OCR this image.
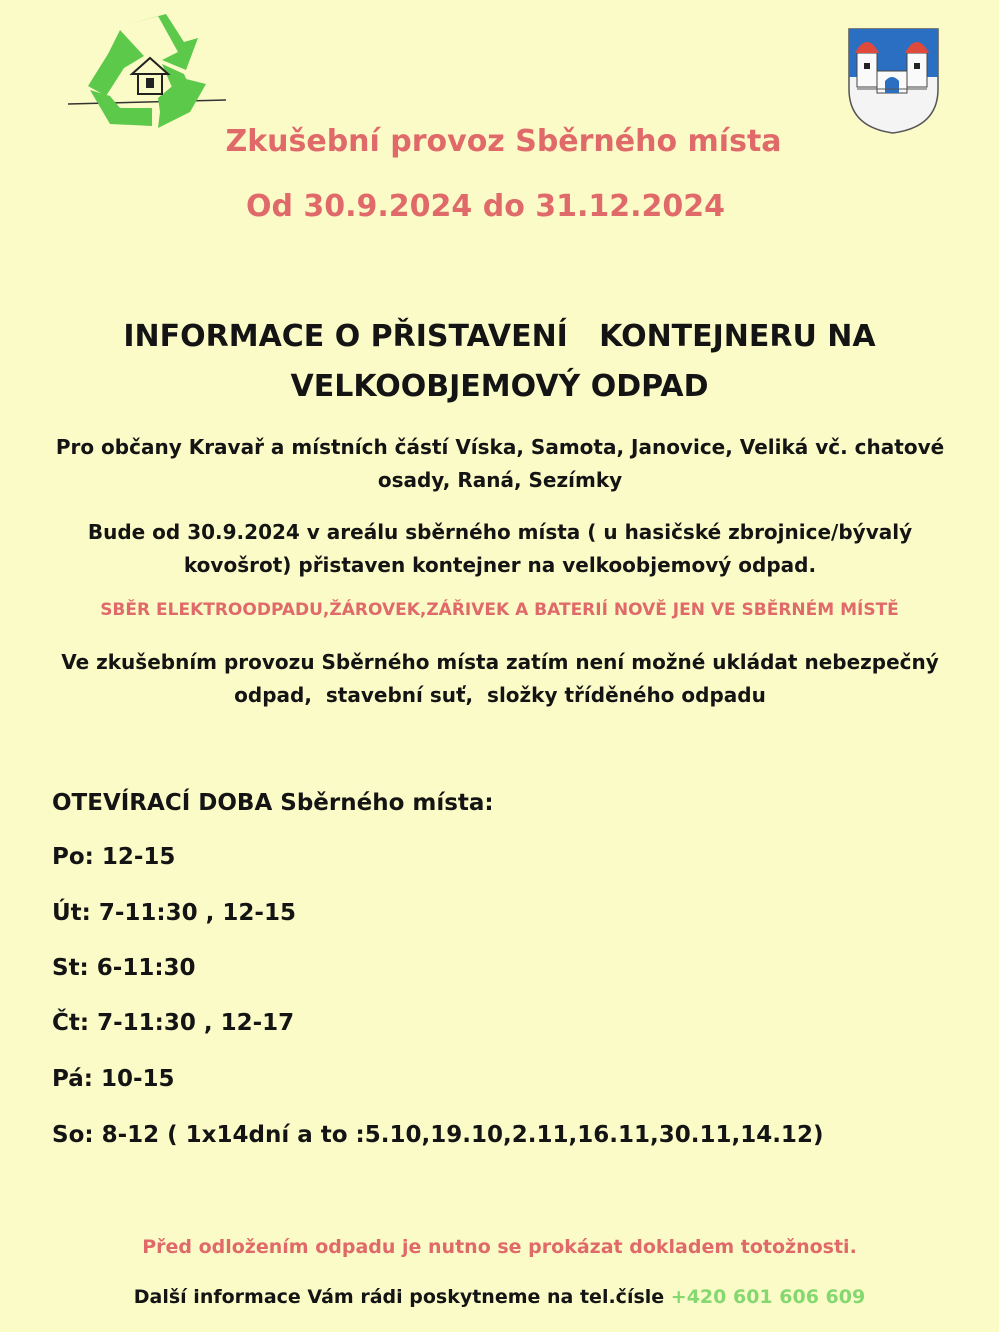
Zkušební provoz Sběrného místa
Od 30.9.2024 do 31.12.2024
INFORMACE O PŘISTAVENÍ   KONTEJNERU NA
VELKOOBJEMOVÝ ODPAD
Pro občany Kravař a místních částí Víska, Samota, Janovice, Veliká vč. chatové
osady, Raná, Sezímky
Bude od 30.9.2024 v areálu sběrného místa ( u hasičské zbrojnice/bývalý
kovošrot) přistaven kontejner na velkoobjemový odpad.
SBĚR ELEKTROODPADU,ŽÁROVEK,ZÁŘIVEK A BATERIÍ NOVĚ JEN VE SBĚRNÉM MÍSTĚ
Ve zkušebním provozu Sběrného místa zatím není možné ukládat nebezpečný
odpad,  stavební suť,  složky tříděného odpadu
OTEVÍRACÍ DOBA Sběrného místa:
Po: 12-15
Út: 7-11:30 , 12-15
St: 6-11:30
Čt: 7-11:30 , 12-17
Pá: 10-15
So: 8-12 ( 1x14dní a to :5.10,19.10,2.11,16.11,30.11,14.12)
Před odložením odpadu je nutno se prokázat dokladem totožnosti.
Další informace Vám rádi poskytneme na tel.čísle +420 601 606 609
